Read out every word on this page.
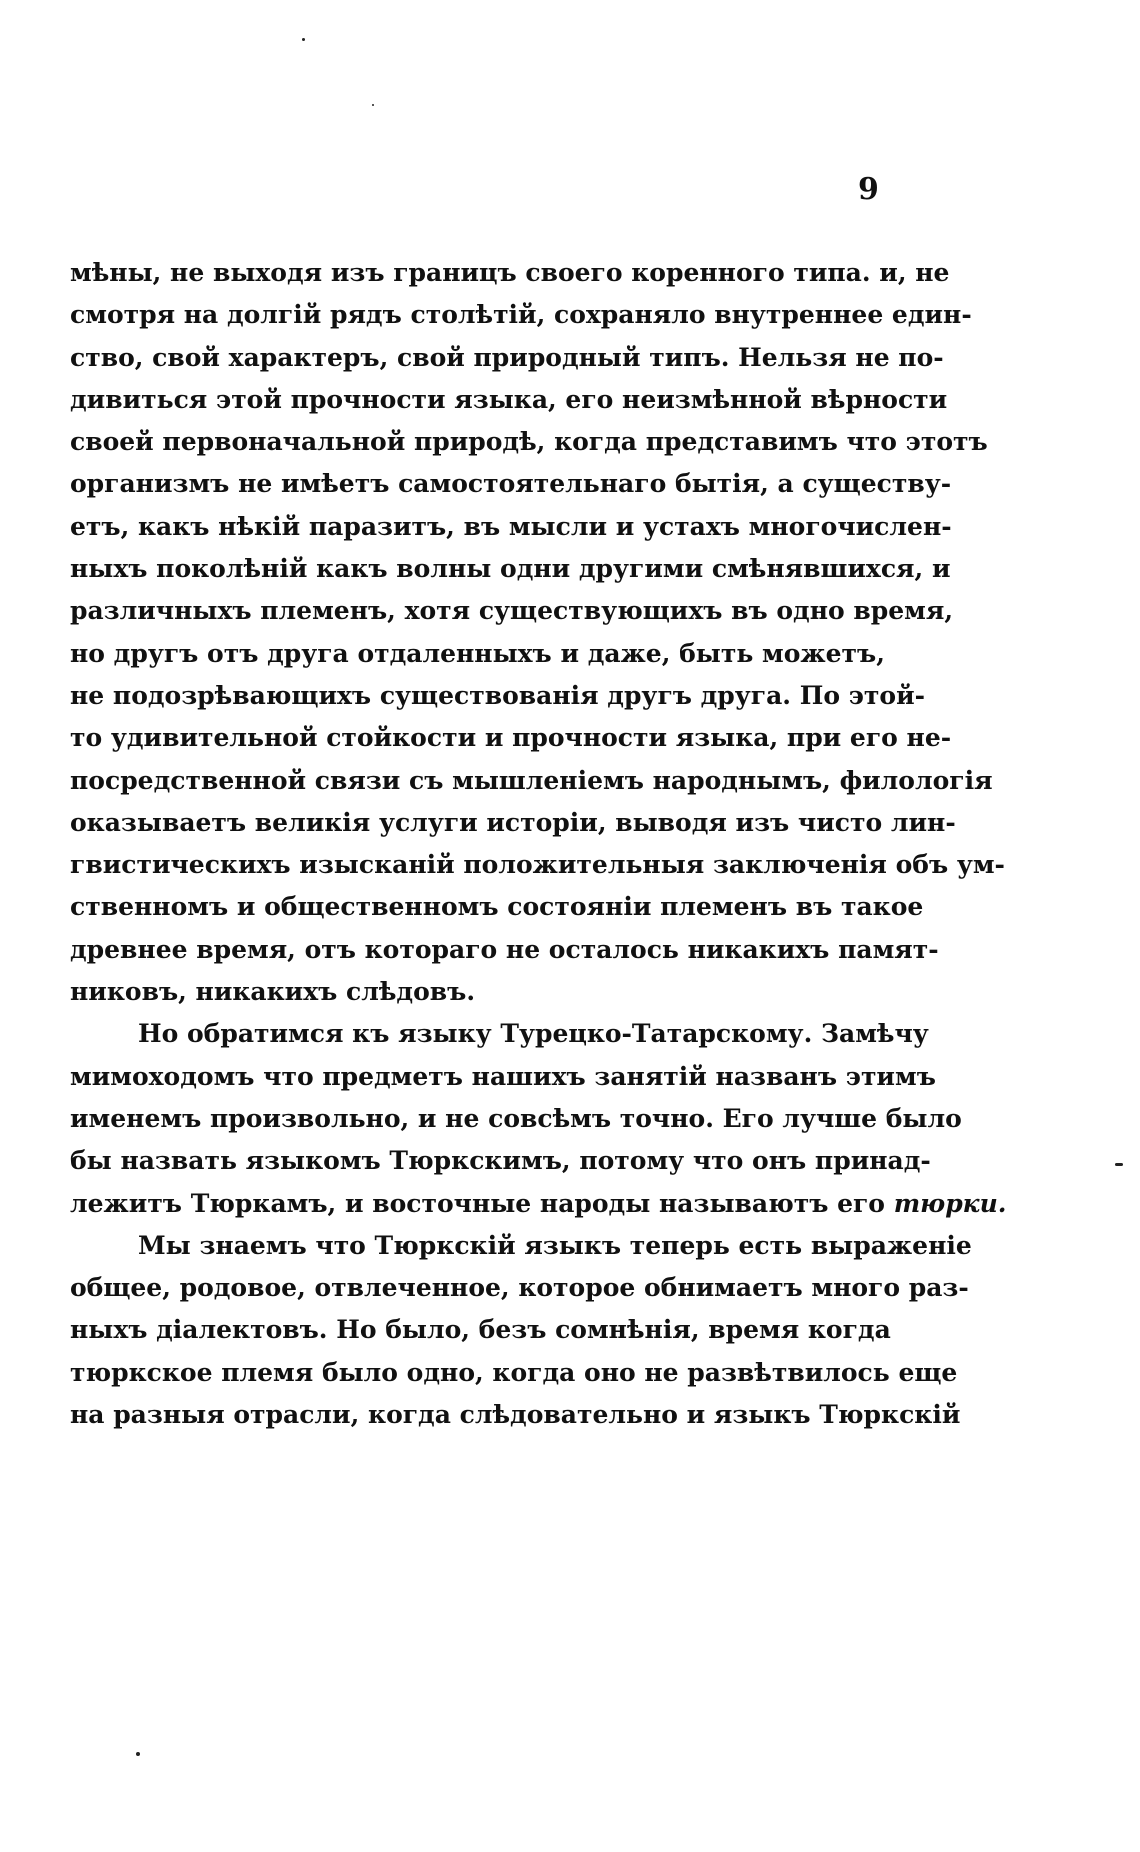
9
мѣны, не выходя изъ границъ своего коренного типа. и, не
смотря на долгій рядъ столѣтій, сохраняло внутреннее един-
ство, свой характеръ, свой природный типъ. Нельзя не по-
дивиться этой прочности языка, его неизмѣнной вѣрности
своей первоначальной природѣ, когда представимъ что этотъ
организмъ не имѣетъ самостоятельнаго бытія, а существу-
етъ, какъ нѣкій паразитъ, въ мысли и устахъ многочислен-
ныхъ поколѣній какъ волны одни другими смѣнявшихся, и
различныхъ племенъ, хотя существующихъ въ одно время,
но другъ отъ друга отдаленныхъ и даже, быть можетъ,
не подозрѣвающихъ существованія другъ друга. По этой-
то удивительной стойкости и прочности языка, при его не-
посредственной связи съ мышленіемъ народнымъ, филологія
оказываетъ великія услуги исторіи, выводя изъ чисто лин-
гвистическихъ изысканій положительныя заключенія объ ум-
ственномъ и общественномъ состояніи племенъ въ такое
древнее время, отъ котораго не осталось никакихъ памят-
никовъ, никакихъ слѣдовъ.
Но обратимся къ языку Турецко-Татарскому. Замѣчу
мимоходомъ что предметъ нашихъ занятій названъ этимъ
именемъ произвольно, и не совсѣмъ точно. Его лучше было
бы назвать языкомъ Тюркскимъ, потому что онъ принад-
лежитъ Тюркамъ, и восточные народы называютъ его тюрки.
Мы знаемъ что Тюркскій языкъ теперь есть выраженіе
общее, родовое, отвлеченное, которое обнимаетъ много раз-
ныхъ діалектовъ. Но было, безъ сомнѣнія, время когда
тюркское племя было одно, когда оно не развѣтвилось еще
на разныя отрасли, когда слѣдовательно и языкъ Тюркскій
